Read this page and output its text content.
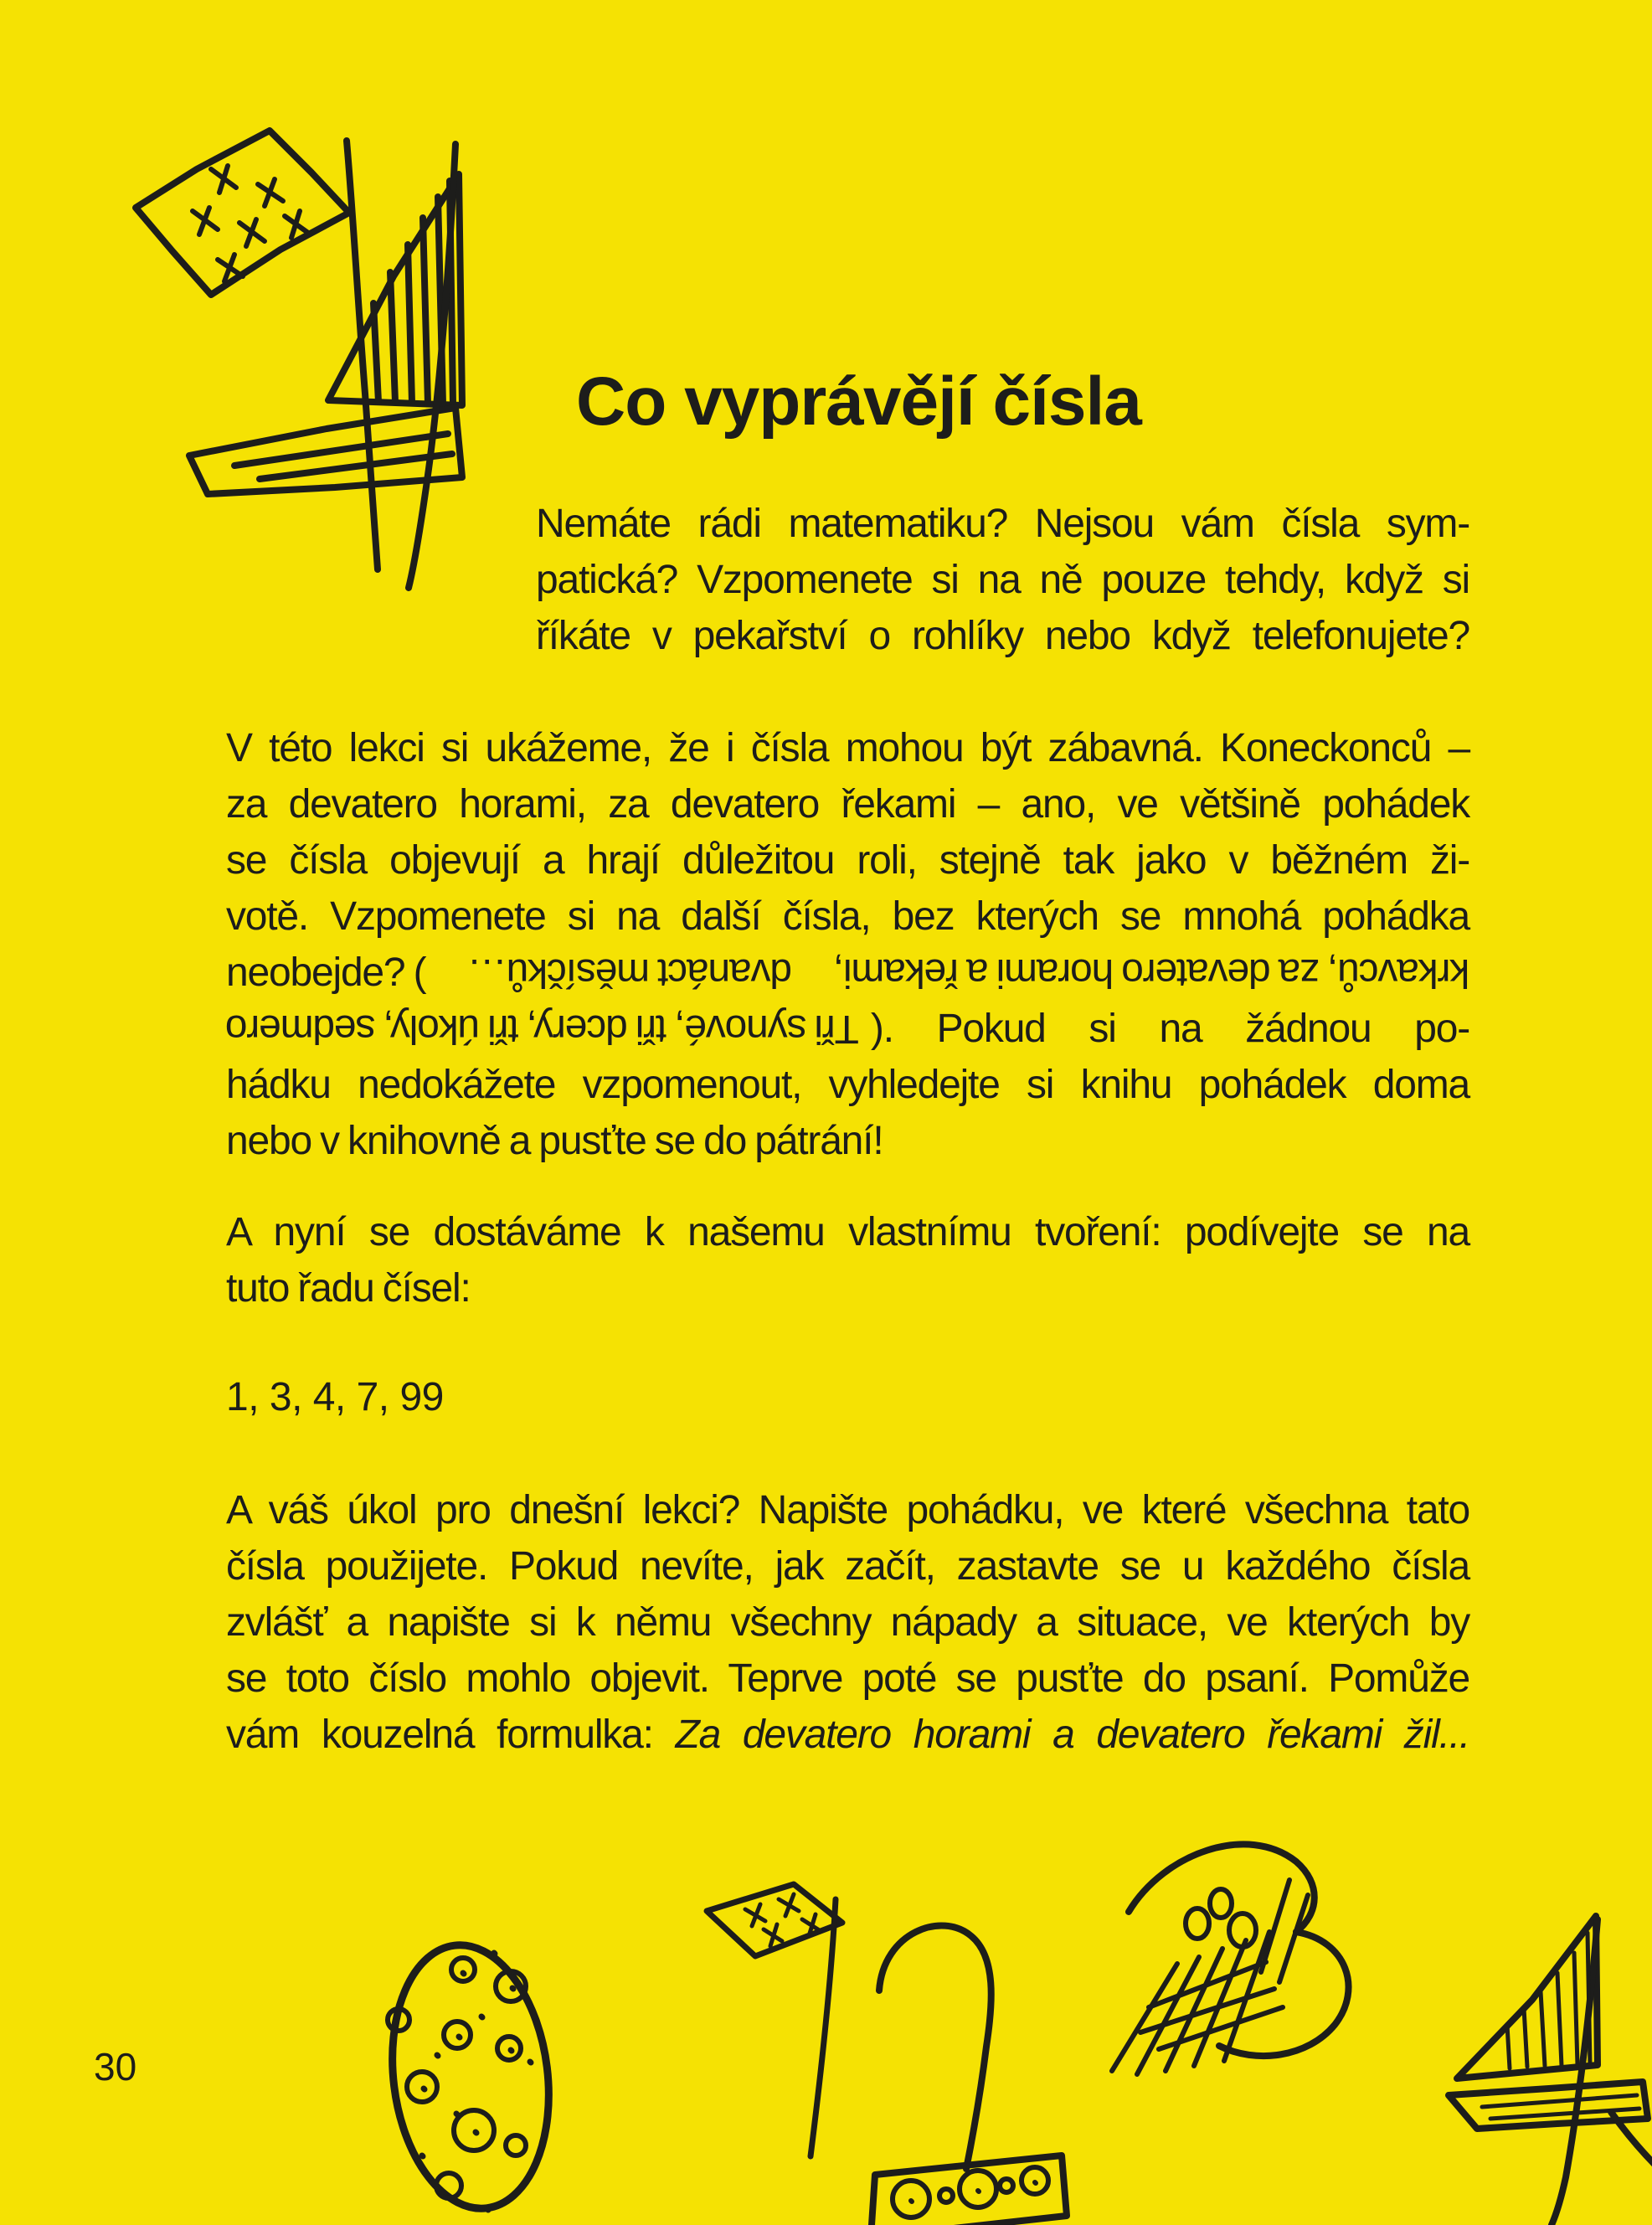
Co vyprávějí čísla
Nemáte rádi matematiku? Nejsou vám čísla sym-
patická? Vzpomenete si na ně pouze tehdy, když si
říkáte v pekařství o rohlíky nebo když telefonujete?
V této lekci si ukážeme, že i čísla mohou být zábavná. Koneckonců –
za devatero horami, za devatero řekami – ano, ve většině pohádek
se čísla objevují a hrají důležitou roli, stejně tak jako v běžném ži-
votě. Vzpomenete si na další čísla, bez kterých se mnohá pohádka
neobejde? ( dvanáct měsíčků… krkavců, za devatero horami a řekami,
Tři synové, tři dcery, tři úkoly, sedmero ). Pokud si na žádnou po-
hádku nedokážete vzpomenout, vyhledejte si knihu pohádek doma
nebo v knihovně a pusťte se do pátrání!
A nyní se dostáváme k našemu vlastnímu tvoření: podívejte se na
tuto řadu čísel:
1, 3, 4, 7, 99
A váš úkol pro dnešní lekci? Napište pohádku, ve které všechna tato
čísla použijete. Pokud nevíte, jak začít, zastavte se u každého čísla
zvlášť a napište si k němu všechny nápady a situace, ve kterých by
se toto číslo mohlo objevit. Teprve poté se pusťte do psaní. Pomůže
vám kouzelná formulka: Za devatero horami a devatero řekami žil...
30
